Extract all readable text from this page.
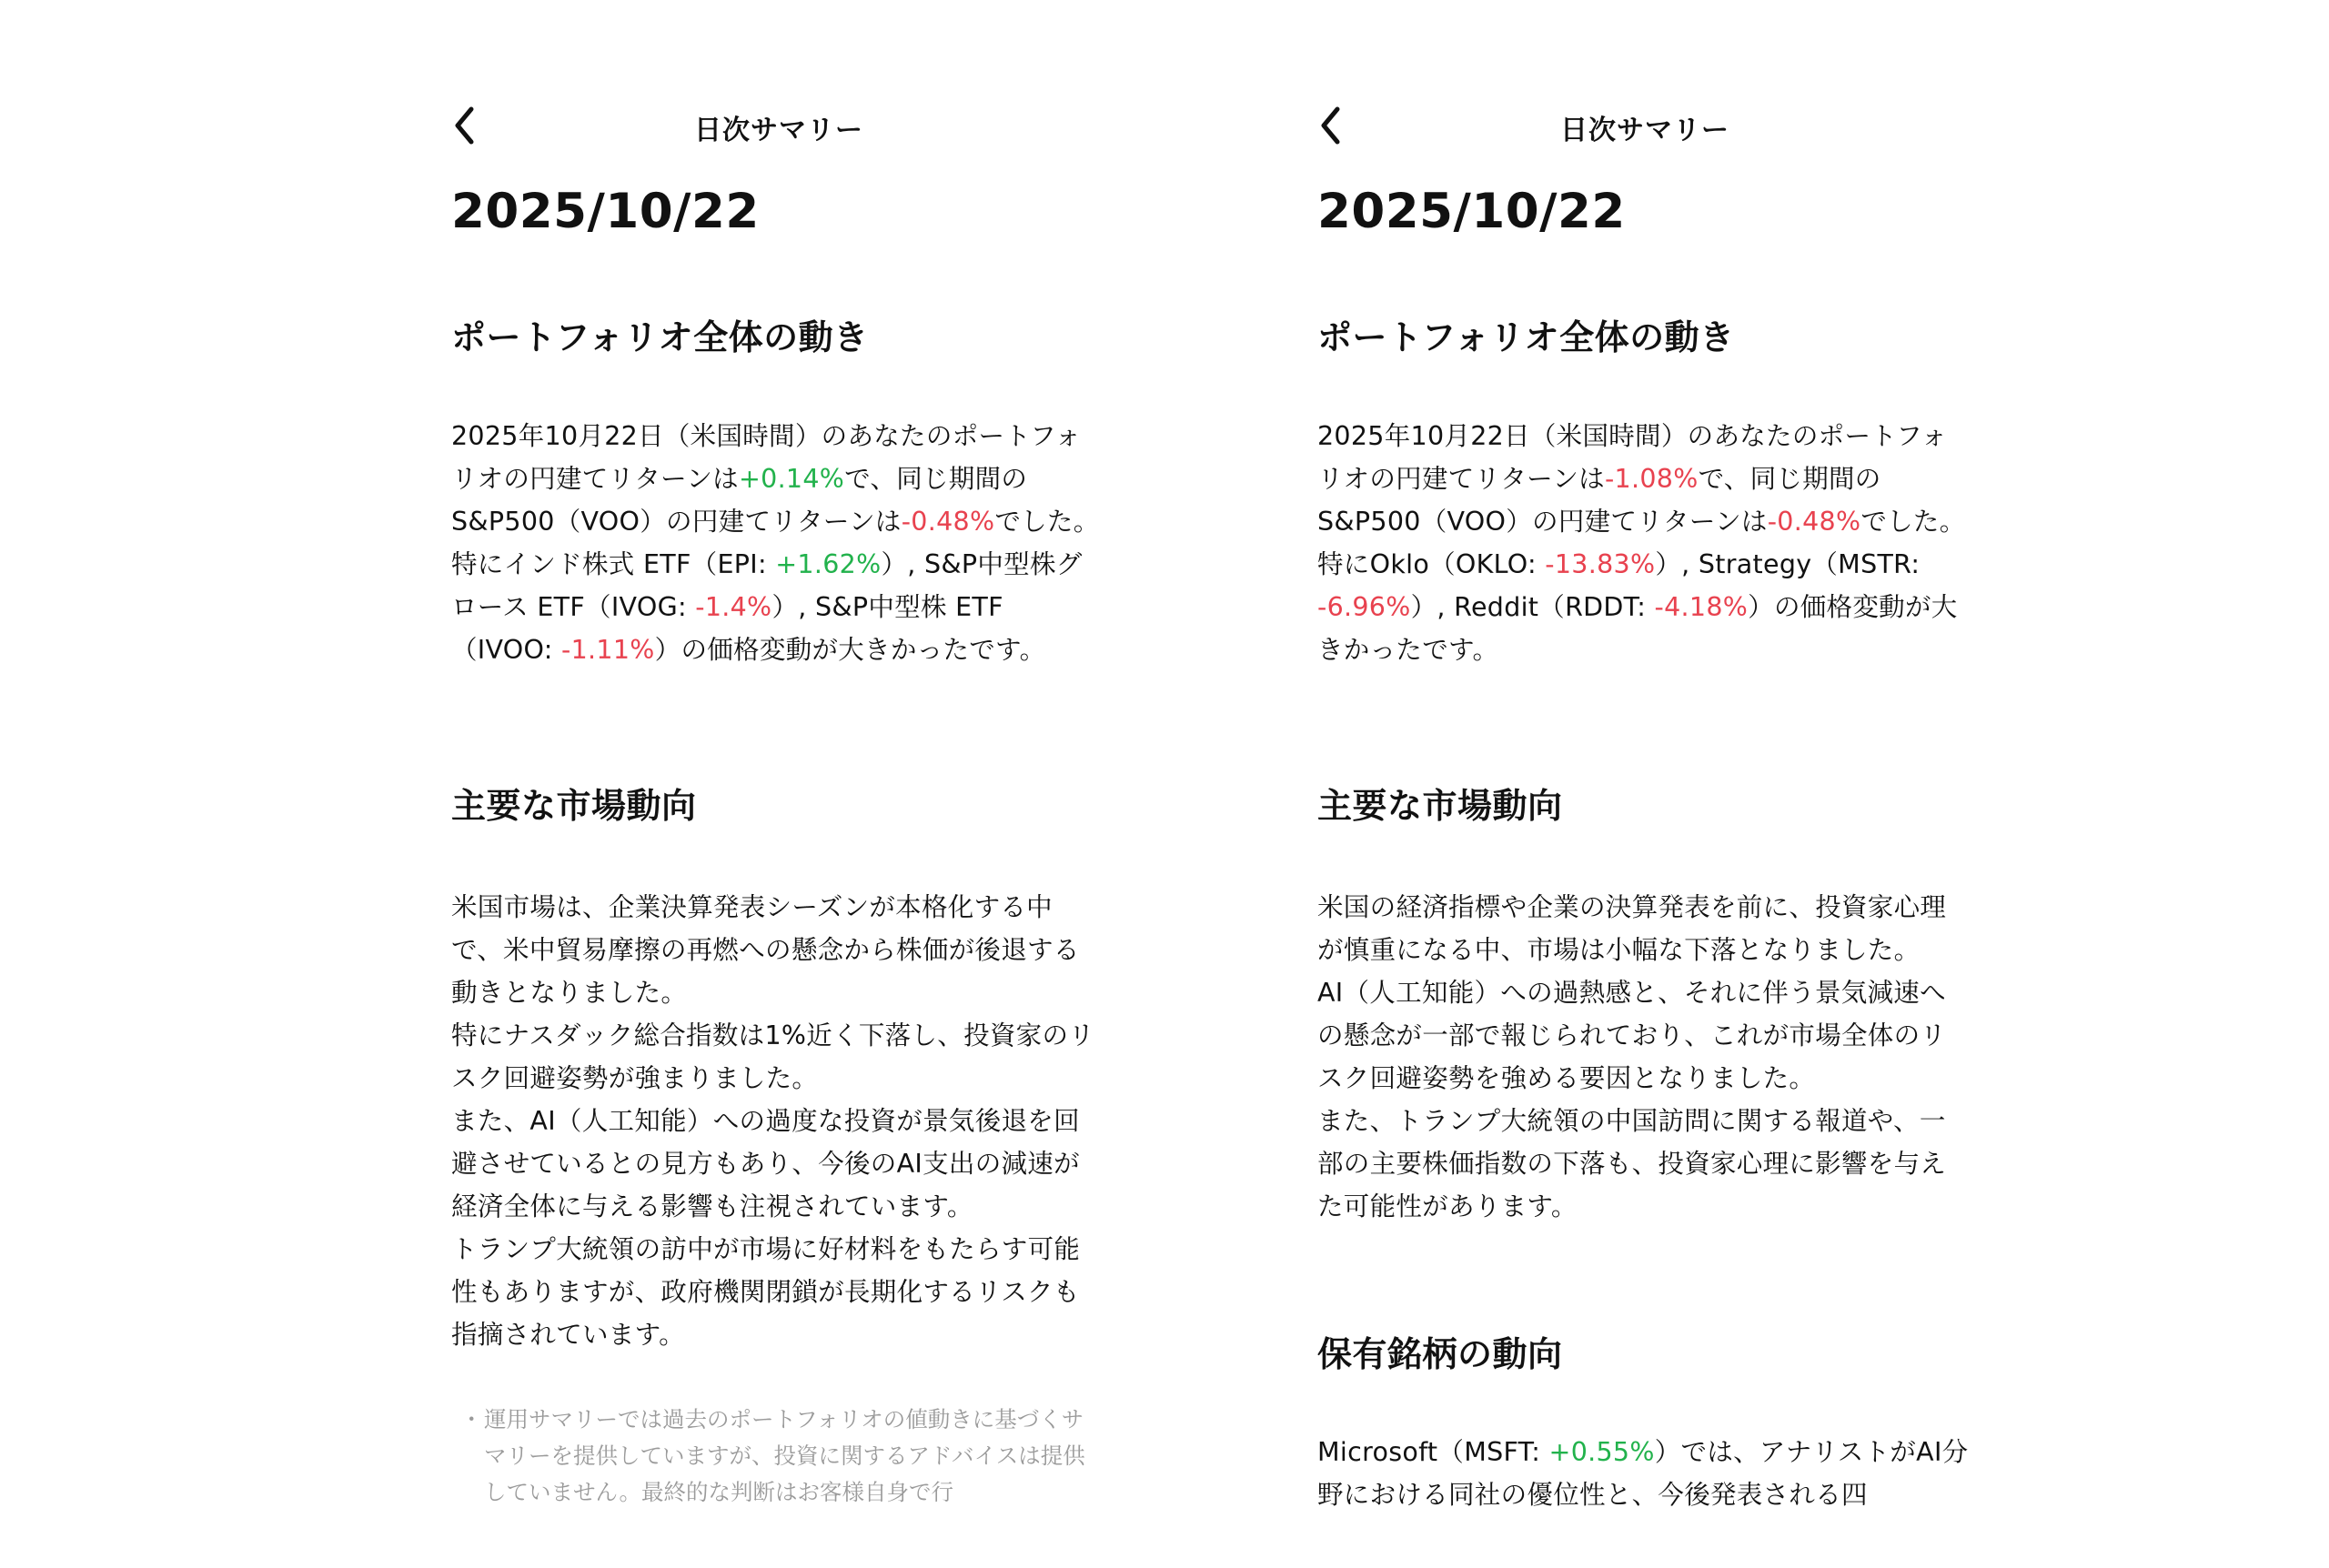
日次サマリー
2025/10/22
ポートフォリオ全体の動き
2025年10月22日（米国時間）のあなたのポートフォリオの円建てリターンは+0.14%で、同じ期間のS&P500（VOO）の円建てリターンは-0.48%でした。
特にインド株式 ETF（EPI: +1.62%）, S&P中型株グロース ETF（IVOG: -1.4%）, S&P中型株 ETF（IVOO: -1.11%）の価格変動が大きかったです。
主要な市場動向
米国市場は、企業決算発表シーズンが本格化する中で、米中貿易摩擦の再燃への懸念から株価が後退する動きとなりました。
特にナスダック総合指数は1%近く下落し、投資家のリスク回避姿勢が強まりました。
また、AI（人工知能）への過度な投資が景気後退を回避させているとの見方もあり、今後のAI支出の減速が経済全体に与える影響も注視されています。
トランプ大統領の訪中が市場に好材料をもたらす可能性もありますが、政府機関閉鎖が長期化するリスクも指摘されています。
・ 運用サマリーでは過去のポートフォリオの値動きに基づくサマリーを提供していますが、投資に関するアドバイスは提供していません。最終的な判断はお客様自身で行
日次サマリー
2025/10/22
ポートフォリオ全体の動き
2025年10月22日（米国時間）のあなたのポートフォリオの円建てリターンは-1.08%で、同じ期間のS&P500（VOO）の円建てリターンは-0.48%でした。
特にOklo（OKLO: -13.83%）, Strategy（MSTR: -6.96%）, Reddit（RDDT: -4.18%）の価格変動が大きかったです。
主要な市場動向
米国の経済指標や企業の決算発表を前に、投資家心理が慎重になる中、市場は小幅な下落となりました。
AI（人工知能）への過熱感と、それに伴う景気減速への懸念が一部で報じられており、これが市場全体のリスク回避姿勢を強める要因となりました。
また、トランプ大統領の中国訪問に関する報道や、一部の主要株価指数の下落も、投資家心理に影響を与えた可能性があります。
保有銘柄の動向
Microsoft（MSFT: +0.55%）では、アナリストがAI分野における同社の優位性と、今後発表される四
